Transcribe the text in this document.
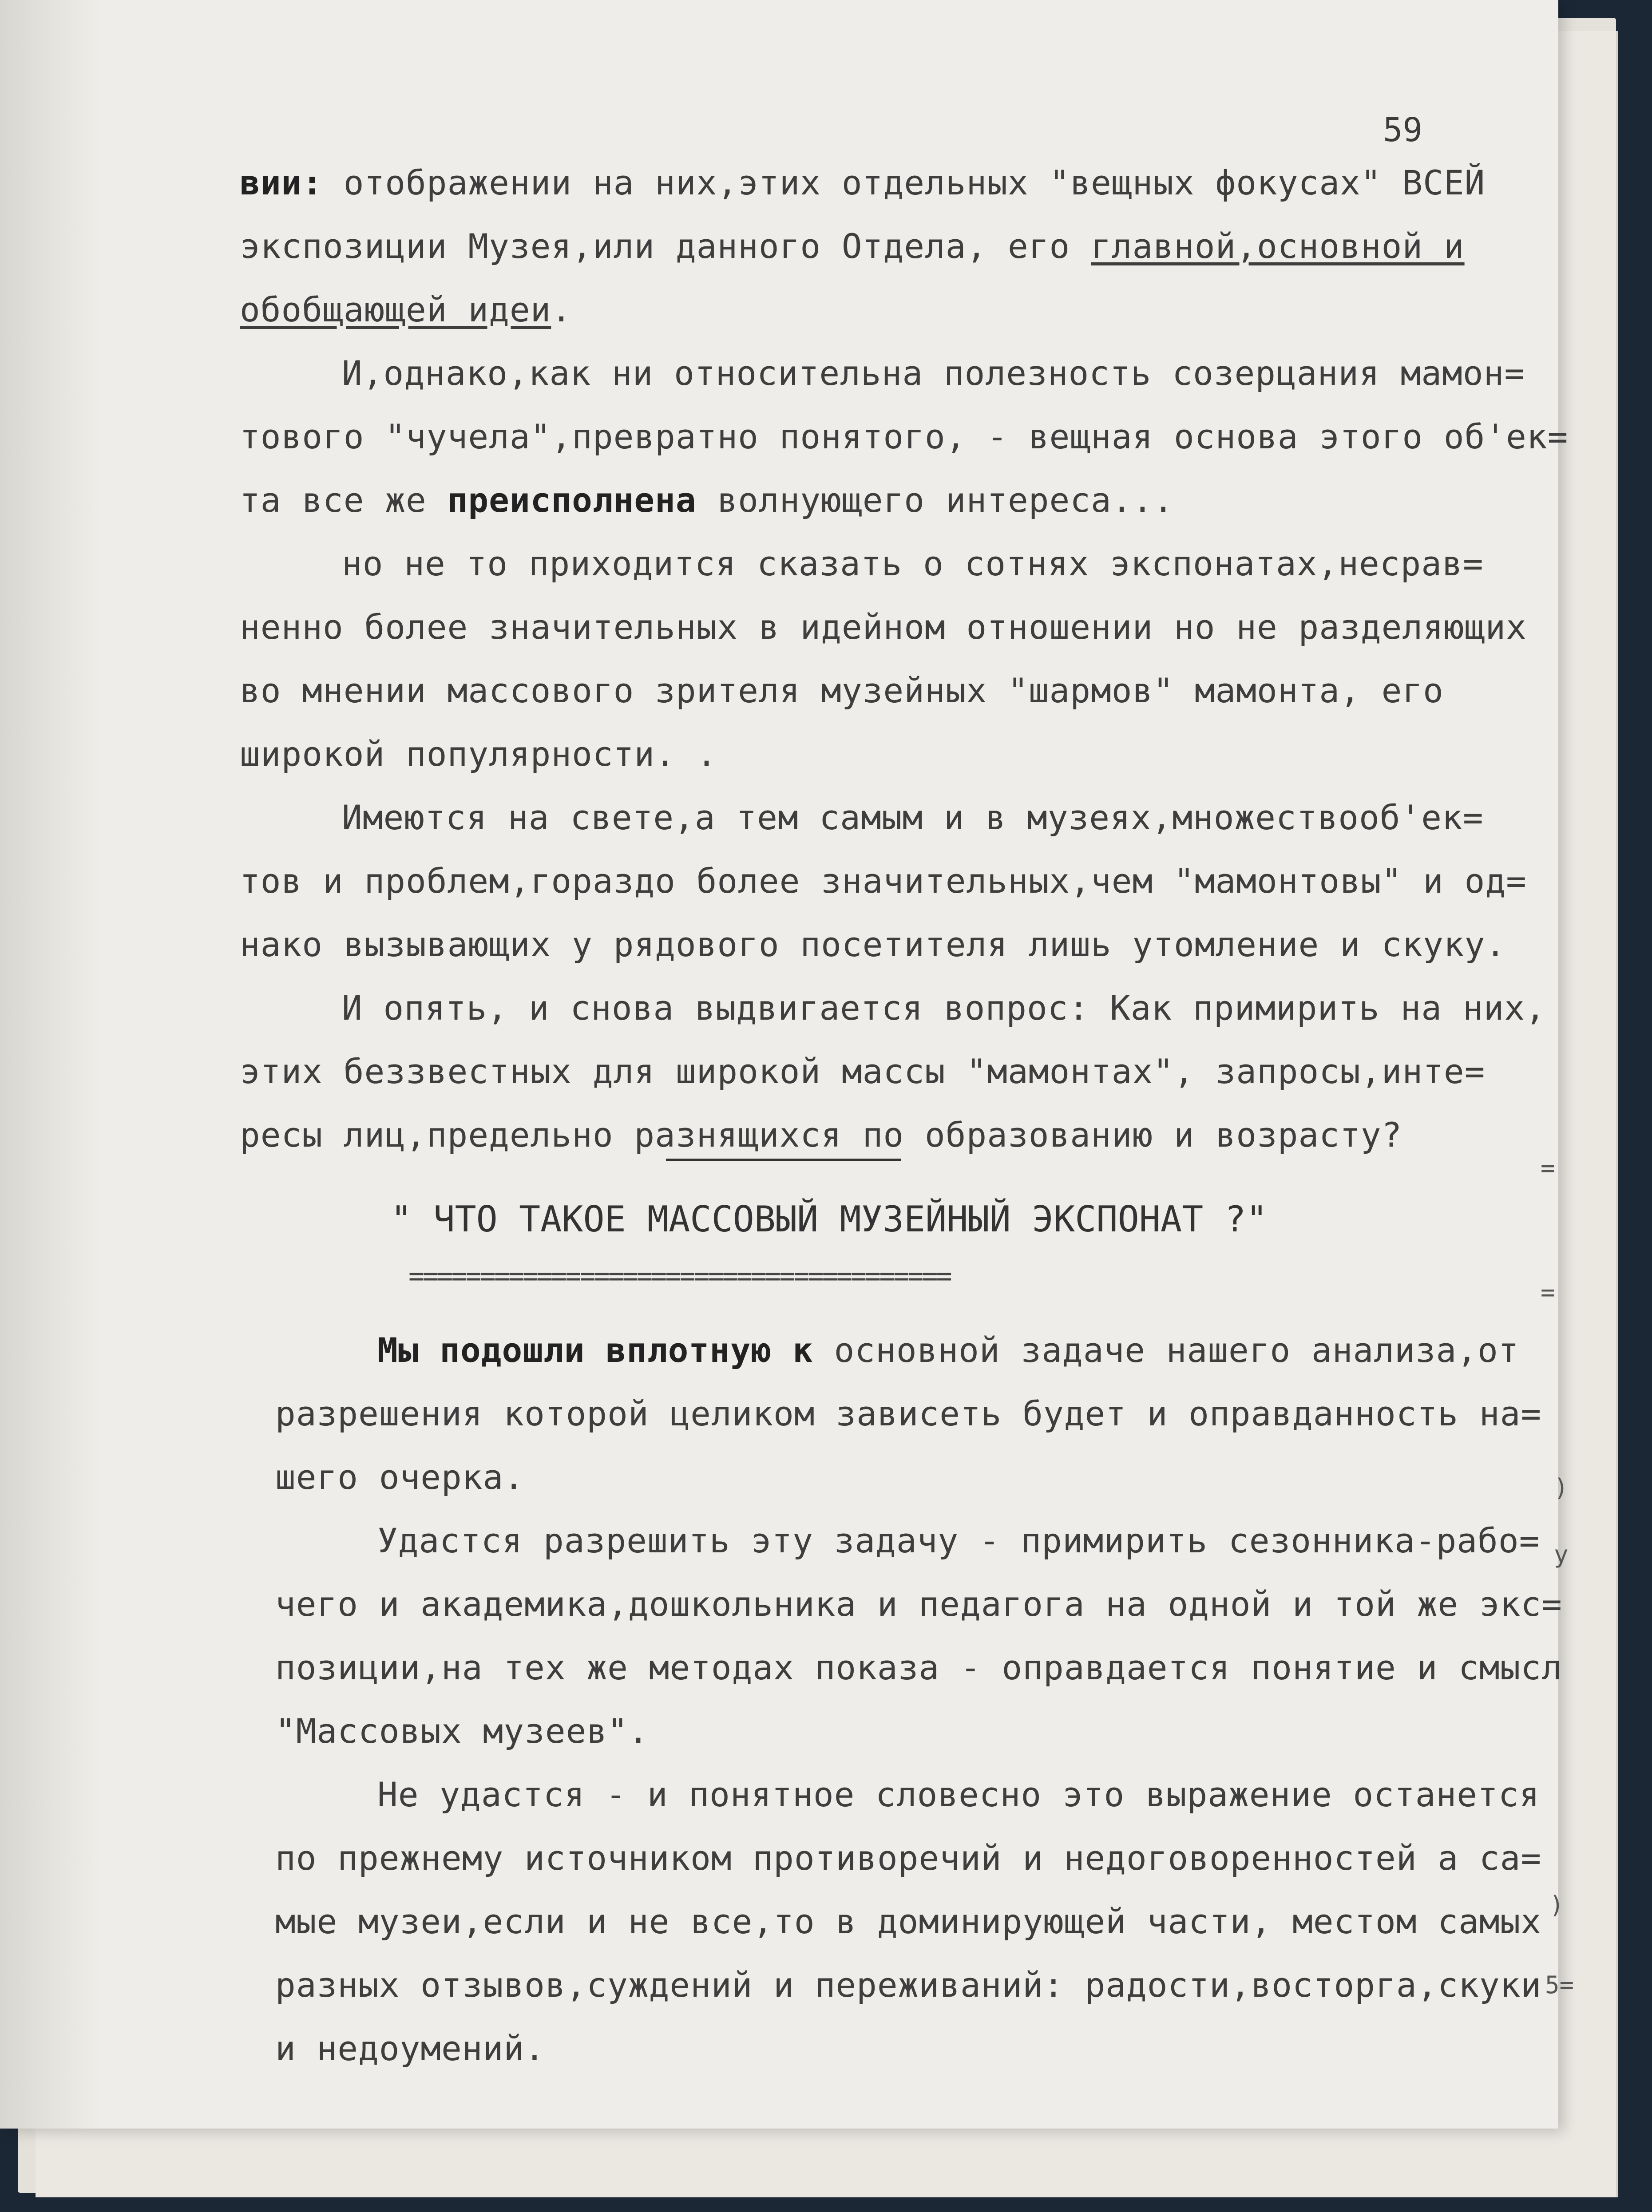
59
вии: отображении на них,этих отдельных "вещных фокусах" ВСЕЙ
экспозиции Музея,или данного Отдела, его главной,основной и
обобщающей идеи.
И,однако,как ни относительна полезность созерцания мамон=
тового "чучела",превратно понятого, - вещная основа этого об'ек=
та все же преисполнена волнующего интереса...
но не то приходится сказать о сотнях экспонатах,несрав=
ненно более значительных в идейном отношении но не разделяющих
во мнении массового зрителя музейных "шармов" мамонта, его
широкой популярности. .
Имеются на свете,а тем самым и в музеях,множествооб'ек=
тов и проблем,гораздо более значительных,чем "мамонтовы" и од=
нако вызывающих у рядового посетителя лишь утомление и скуку.
И опять, и снова выдвигается вопрос: Как примирить на них,
этих беззвестных для широкой массы "мамонтах", запросы,инте=
ресы лиц,предельно разнящихся по образованию и возрасту?
" ЧТО ТАКОЕ МАССОВЫЙ МУЗЕЙНЫЙ ЭКСПОНАТ ?"
======================================
Мы подошли вплотную к основной задаче нашего анализа,от
разрешения которой целиком зависеть будет и оправданность на=
шего очерка.
Удастся разрешить эту задачу - примирить сезонника-рабо=
чего и академика,дошкольника и педагога на одной и той же экс=
позиции,на тех же методах показа - оправдается понятие и смысл
"Массовых музеев".
Не удастся - и понятное словесно это выражение останется
по прежнему источником противоречий и недоговоренностей а са=
мые музеи,если и не все,то в доминирующей части, местом самых
разных отзывов,суждений и переживаний: радости,восторга,скуки
и недоумений.
=
=
)
у
)
5=
